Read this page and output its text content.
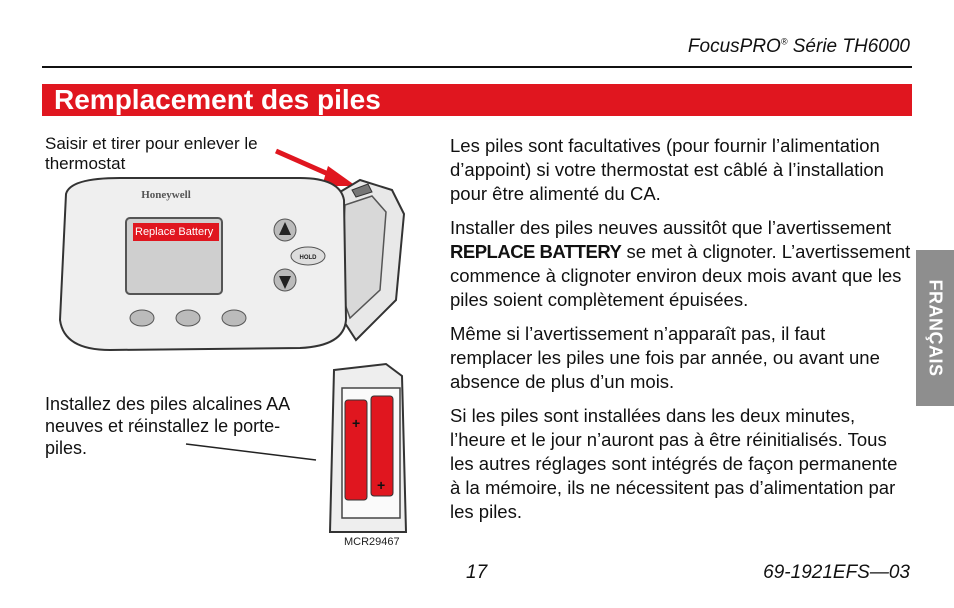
FocusPRO® Série TH6000
Remplacement des piles
Saisir et tirer pour enlever le thermostat
Installez des piles alcalines AA neuves et réinstallez le porte-piles.
Honeywell
HOLD
+
+
Replace Battery
MCR29467

Les piles sont facultatives (pour fournir l’alimentation d’appoint) si votre thermostat est câblé à l’installation pour être alimenté du CA.

Installer des piles neuves aussitôt que l’avertissement REPLACE BATTERY se met à clignoter. L’avertissement commence à clignoter environ deux mois avant que les piles soient complètement épuisées.

Même si l’avertissement n’apparaît pas, il faut remplacer les piles une fois par année, ou avant une absence de plus d’un mois.

Si les piles sont installées dans les deux minutes, l’heure et le jour n’auront pas à être réinitialisés. Tous les autres réglages sont intégrés de façon permanente à la mémoire, ils ne nécessitent pas d’alimentation par les piles.

FRANÇAIS
17	69-1921EFS—03
